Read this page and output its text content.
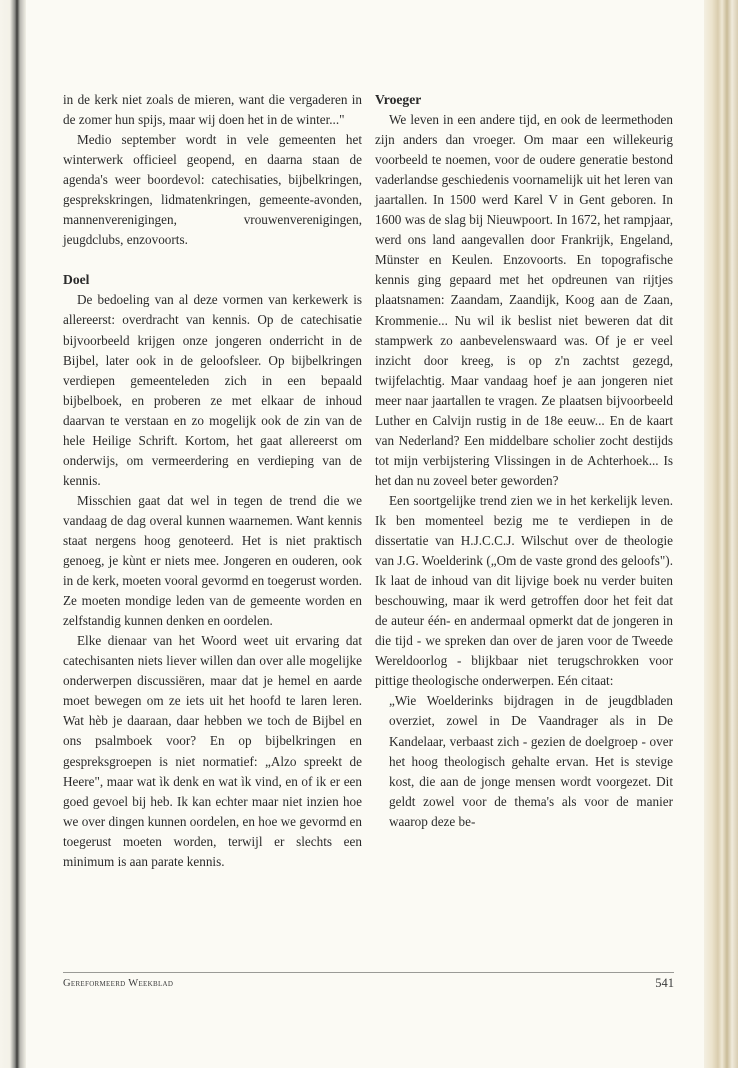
in de kerk niet zoals de mieren, want die vergaderen in de zomer hun spijs, maar wij doen het in de winter..."

Medio september wordt in vele gemeenten het winterwerk officieel geopend, en daarna staan de agenda's weer boordevol: catechisaties, bijbelkringen, gesprekskringen, lidmatenkringen, gemeente-avonden, mannenverenigingen, vrouwenverenigingen, jeugdclubs, enzovoorts.

Doel

De bedoeling van al deze vormen van kerkewerk is allereerst: overdracht van kennis. Op de catechisatie bijvoorbeeld krijgen onze jongeren onderricht in de Bijbel, later ook in de geloofsleer. Op bijbelkringen verdiepen gemeenteleden zich in een bepaald bijbelboek, en proberen ze met elkaar de inhoud daarvan te verstaan en zo mogelijk ook de zin van de hele Heilige Schrift. Kortom, het gaat allereerst om onderwijs, om vermeerdering en verdieping van de kennis.

Misschien gaat dat wel in tegen de trend die we vandaag de dag overal kunnen waarnemen. Want kennis staat nergens hoog genoteerd. Het is niet praktisch genoeg, je kùnt er niets mee. Jongeren en ouderen, ook in de kerk, moeten vooral gevormd en toegerust worden. Ze moeten mondige leden van de gemeente worden en zelfstandig kunnen denken en oordelen.

Elke dienaar van het Woord weet uit ervaring dat catechisanten niets liever willen dan over alle mogelijke onderwerpen discussiëren, maar dat je hemel en aarde moet bewegen om ze iets uit het hoofd te laren leren. Wat hèb je daaraan, daar hebben we toch de Bijbel en ons psalmboek voor? En op bijbelkringen en gespreksgroepen is niet normatief: „Alzo spreekt de Heere", maar wat ìk denk en wat ìk vind, en of ik er een goed gevoel bij heb. Ik kan echter maar niet inzien hoe we over dingen kunnen oordelen, en hoe we gevormd en toegerust moeten worden, terwijl er slechts een minimum is aan parate kennis.

Vroeger

We leven in een andere tijd, en ook de leermethoden zijn anders dan vroeger. Om maar een willekeurig voorbeeld te noemen, voor de oudere generatie bestond vaderlandse geschiedenis voornamelijk uit het leren van jaartallen. In 1500 werd Karel V in Gent geboren. In 1600 was de slag bij Nieuwpoort. In 1672, het rampjaar, werd ons land aangevallen door Frankrijk, Engeland, Münster en Keulen. Enzovoorts. En topografische kennis ging gepaard met het opdreunen van rijtjes plaatsnamen: Zaandam, Zaandijk, Koog aan de Zaan, Krommenie... Nu wil ik beslist niet beweren dat dit stampwerk zo aanbevelenswaard was. Of je er veel inzicht door kreeg, is op z'n zachtst gezegd, twijfelachtig. Maar vandaag hoef je aan jongeren niet meer naar jaartallen te vragen. Ze plaatsen bijvoorbeeld Luther en Calvijn rustig in de 18e eeuw... En de kaart van Nederland? Een middelbare scholier zocht destijds tot mijn verbijstering Vlissingen in de Achterhoek... Is het dan nu zoveel beter geworden?

Een soortgelijke trend zien we in het kerkelijk leven. Ik ben momenteel bezig me te verdiepen in de dissertatie van H.J.C.C.J. Wilschut over de theologie van J.G. Woelderink („Om de vaste grond des geloofs"). Ik laat de inhoud van dit lijvige boek nu verder buiten beschouwing, maar ik werd getroffen door het feit dat de auteur één- en andermaal opmerkt dat de jongeren in die tijd - we spreken dan over de jaren voor de Tweede Wereldoorlog - blijkbaar niet terugschrokken voor pittige theologische onderwerpen. Eén citaat:

„Wie Woelderinks bijdragen in de jeugdbladen overziet, zowel in De Vaandrager als in De Kandelaar, verbaast zich - gezien de doelgroep - over het hoog theologisch gehalte ervan. Het is stevige kost, die aan de jonge mensen wordt voorgezet. Dit geldt zowel voor de thema's als voor de manier waarop deze be-
Gereformeerd Weekblad	541
